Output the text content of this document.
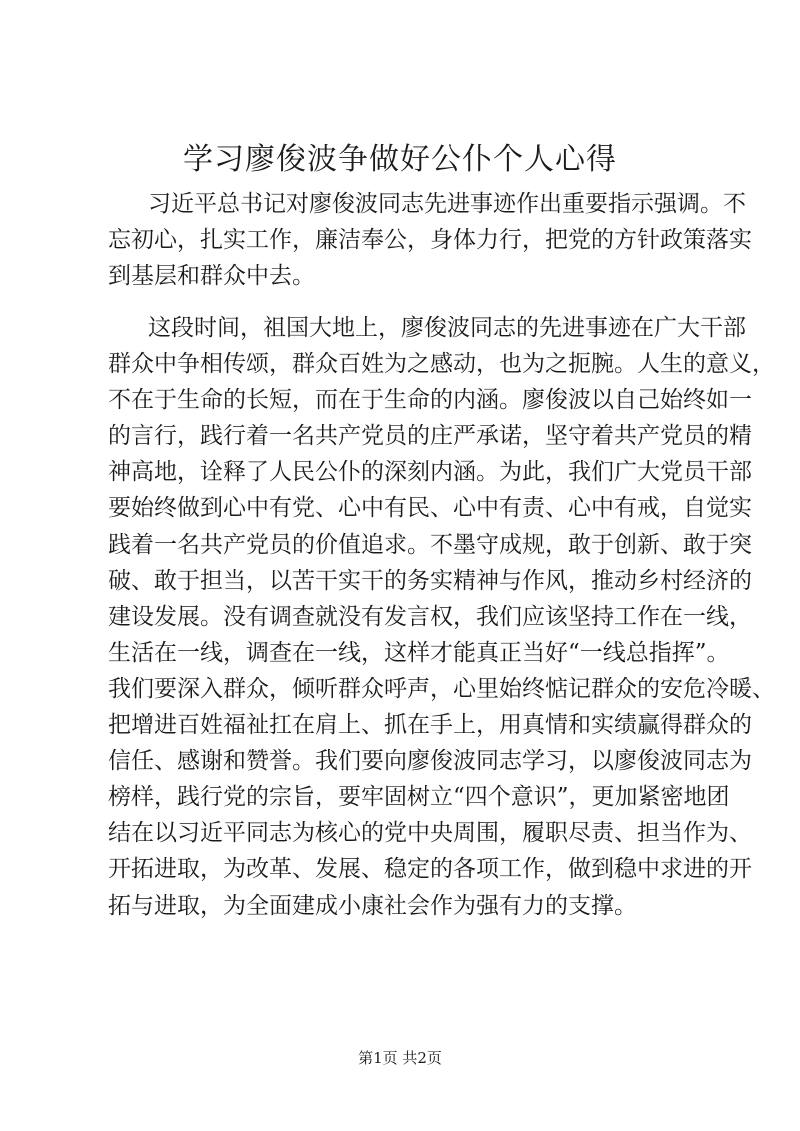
学习廖俊波争做好公仆个人心得
习近平总书记对廖俊波同志先进事迹作出重要指示强调。不
忘初心，扎实工作，廉洁奉公，身体力行，把党的方针政策落实
到基层和群众中去。
这段时间，祖国大地上，廖俊波同志的先进事迹在广大干部
群众中争相传颂，群众百姓为之感动，也为之扼腕。人生的意义，
不在于生命的长短，而在于生命的内涵。廖俊波以自己始终如一
的言行，践行着一名共产党员的庄严承诺，坚守着共产党员的精
神高地，诠释了人民公仆的深刻内涵。为此，我们广大党员干部
要始终做到心中有党、心中有民、心中有责、心中有戒，自觉实
践着一名共产党员的价值追求。不墨守成规，敢于创新、敢于突
破、敢于担当，以苦干实干的务实精神与作风，推动乡村经济的
建设发展。没有调查就没有发言权，我们应该坚持工作在一线，
生活在一线，调查在一线，这样才能真正当好“一线总指挥”。
我们要深入群众，倾听群众呼声，心里始终惦记群众的安危冷暖、
把增进百姓福祉扛在肩上、抓在手上，用真情和实绩赢得群众的
信任、感谢和赞誉。我们要向廖俊波同志学习，以廖俊波同志为
榜样，践行党的宗旨，要牢固树立“四个意识”，更加紧密地团
结在以习近平同志为核心的党中央周围，履职尽责、担当作为、
开拓进取，为改革、发展、稳定的各项工作，做到稳中求进的开
拓与进取，为全面建成小康社会作为强有力的支撑。
第1页 共2页
